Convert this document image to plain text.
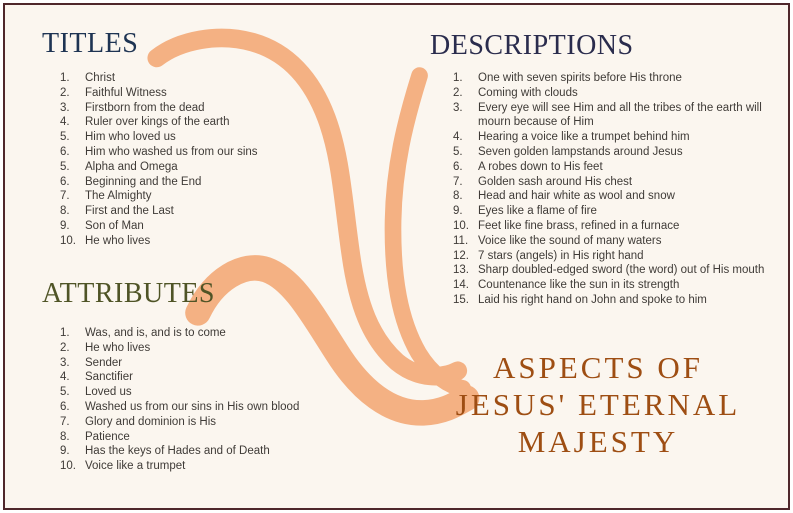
TITLES
1.	Christ
2.	Faithful Witness
3.	Firstborn from the dead
4.	Ruler over kings of the earth
5.	Him who loved us
6.	Him who washed us from our sins
5.	Alpha and Omega
6.	Beginning and the End
7.	The Almighty
8.	First and the Last
9.	Son of Man
10. He who lives
ATTRIBUTES
1.	Was, and is, and is to come
2.	He who lives
3.	Sender
4.	Sanctifier
5.	Loved us
6.	Washed us from our sins in His own blood
7.	Glory and dominion is His
8.	Patience
9.	Has the keys of Hades and of Death
10. Voice like a trumpet
DESCRIPTIONS
1.	One with seven spirits before His throne
2.	Coming with clouds
3.	Every eye will see Him and all the tribes of the earth will mourn because of Him
4.	Hearing a voice like a trumpet behind him
5.	Seven golden lampstands around Jesus
6.	A robes down to His feet
7.	Golden sash around His chest
8.	Head and hair white as wool and snow
9.	Eyes like a flame of fire
10. Feet like fine brass, refined in a furnace
11. Voice like the sound of many waters
12. 7 stars (angels) in His right hand
13. Sharp doubled-edged sword (the word) out of His mouth
14. Countenance like the sun in its strength
15. Laid his right hand on John and spoke to him
ASPECTS OF
JESUS' ETERNAL
MAJESTY
